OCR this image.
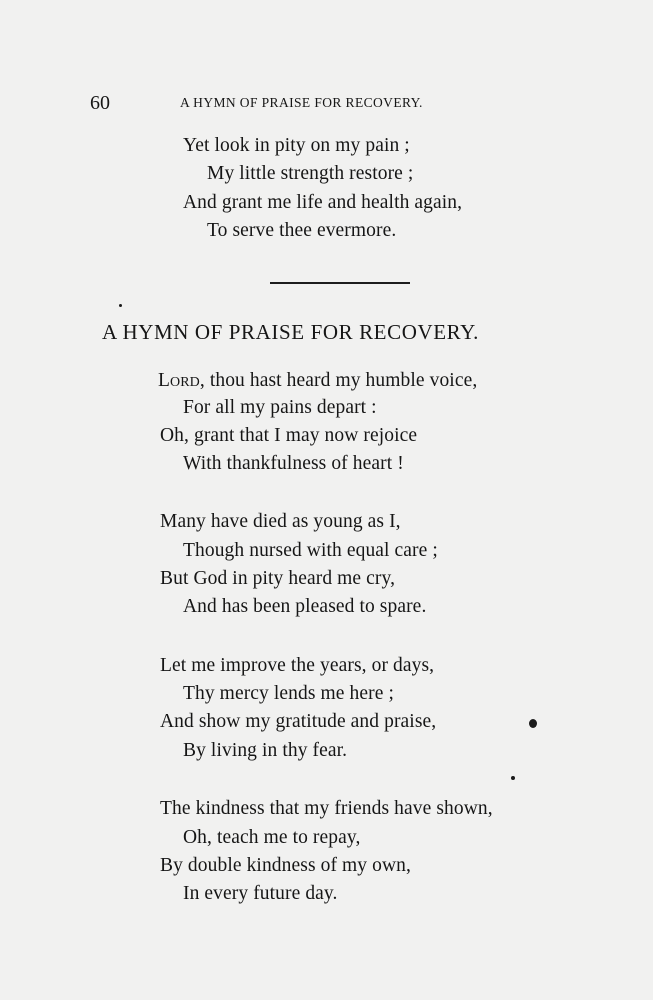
60	A HYMN OF PRAISE FOR RECOVERY.
Yet look in pity on my pain ;
My little strength restore ;
And grant me life and health again,
To serve thee evermore.
A HYMN OF PRAISE FOR RECOVERY.
Lord, thou hast heard my humble voice,
For all my pains depart :
Oh, grant that I may now rejoice
With thankfulness of heart !
Many have died as young as I,
Though nursed with equal care ;
But God in pity heard me cry,
And has been pleased to spare.
Let me improve the years, or days,
Thy mercy lends me here ;
And show my gratitude and praise,
By living in thy fear.
The kindness that my friends have shown,
Oh, teach me to repay,
By double kindness of my own,
In every future day.
